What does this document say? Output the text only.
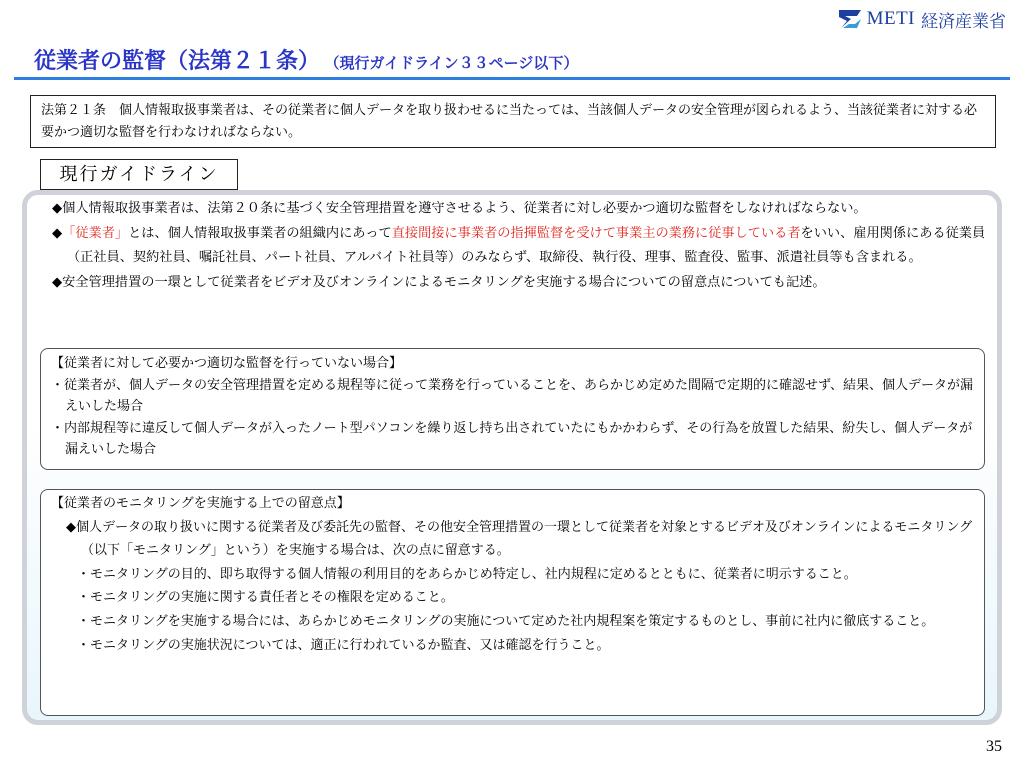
METI 経済産業省
従業者の監督（法第２１条） （現行ガイドライン３３ページ以下）
法第２１条　個人情報取扱事業者は、その従業者に個人データを取り扱わせるに当たっては、当該個人データの安全管理が図られるよう、当該従業者に対する必要かつ適切な監督を行わなければならない。
現行ガイドライン
◆個人情報取扱事業者は、法第２０条に基づく安全管理措置を遵守させるよう、従業者に対し必要かつ適切な監督をしなければならない。
◆「従業者」とは、個人情報取扱事業者の組織内にあって直接間接に事業者の指揮監督を受けて事業主の業務に従事している者をいい、雇用関係にある従業員（正社員、契約社員、嘱託社員、パート社員、アルバイト社員等）のみならず、取締役、執行役、理事、監査役、監事、派遣社員等も含まれる。
◆安全管理措置の一環として従業者をビデオ及びオンラインによるモニタリングを実施する場合についての留意点についても記述。
【従業者に対して必要かつ適切な監督を行っていない場合】
・従業者が、個人データの安全管理措置を定める規程等に従って業務を行っていることを、あらかじめ定めた間隔で定期的に確認せず、結果、個人データが漏えいした場合
・内部規程等に違反して個人データが入ったノート型パソコンを繰り返し持ち出されていたにもかかわらず、その行為を放置した結果、紛失し、個人データが漏えいした場合
【従業者のモニタリングを実施する上での留意点】
◆個人データの取り扱いに関する従業者及び委託先の監督、その他安全管理措置の一環として従業者を対象とするビデオ及びオンラインによるモニタリング（以下「モニタリング」という）を実施する場合は、次の点に留意する。
・モニタリングの目的、即ち取得する個人情報の利用目的をあらかじめ特定し、社内規程に定めるとともに、従業者に明示すること。
・モニタリングの実施に関する責任者とその権限を定めること。
・モニタリングを実施する場合には、あらかじめモニタリングの実施について定めた社内規程案を策定するものとし、事前に社内に徹底すること。
・モニタリングの実施状況については、適正に行われているか監査、又は確認を行うこと。
35
